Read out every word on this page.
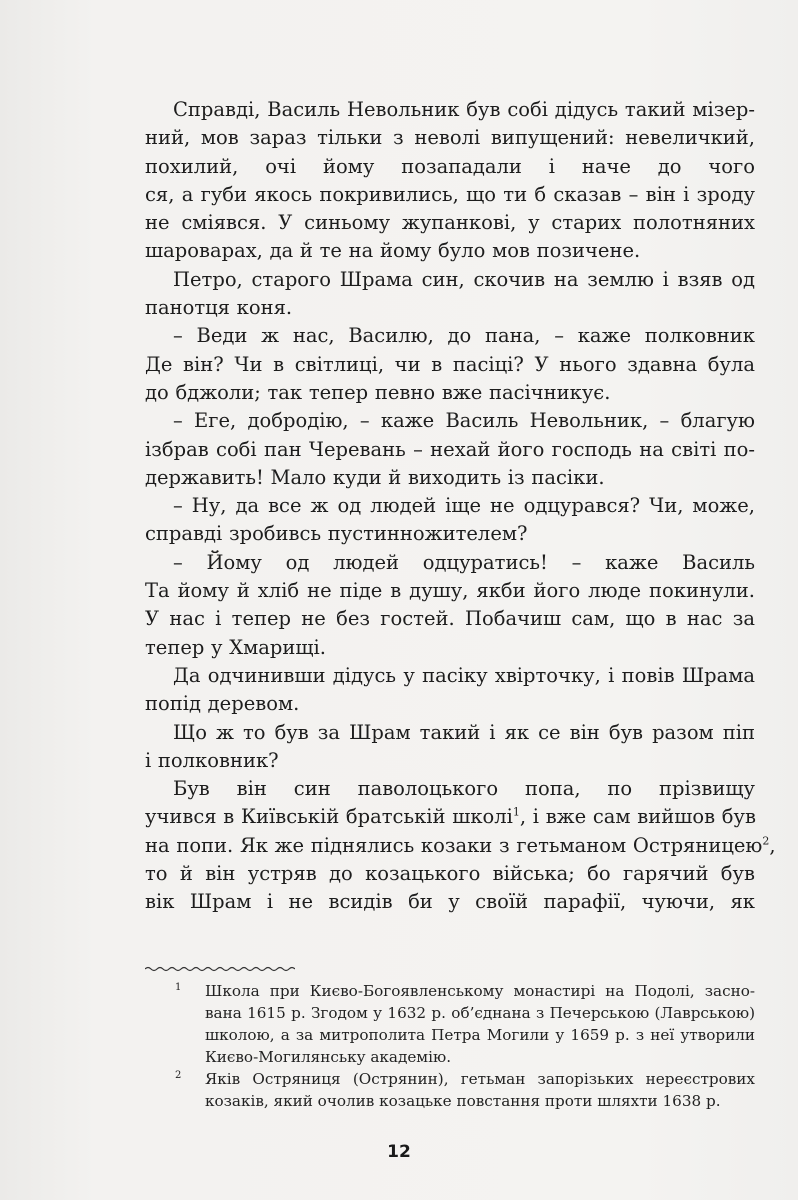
Справді, Василь Невольник був собі дідусь такий мізер-
ний, мов зараз тільки з неволі випущений: невеличкий,
похилий, очі йому позападали і наче до чого
ся, а губи якось покривились, що ти б сказав – він і зроду
не сміявся. У синьому жупанкові, у старих полотняних
шароварах, да й те на йому було мов позичене.
Петро, старого Шрама син, скочив на землю і взяв од
панотця коня.
– Веди ж нас, Василю, до пана, – каже полковник
Де він? Чи в світлиці, чи в пасіці? У нього здавна була
до бджоли; так тепер певно вже пасічникує.
– Еге, добродію, – каже Василь Невольник, – благую
ізбрав собі пан Черевань – нехай його господь на світі по-
державить! Мало куди й виходить із пасіки.
– Ну, да все ж од людей іще не одцурався? Чи, може,
справді зробивсь пустинножителем?
– Йому од людей одцуратись! – каже Василь
Та йому й хліб не піде в душу, якби його люде покинули.
У нас і тепер не без гостей. Побачиш сам, що в нас за
тепер у Хмарищі.
Да одчинивши дідусь у пасіку хвірточку, і повів Шрама
попід деревом.
Що ж то був за Шрам такий і як се він був разом піп
і полковник?
Був він син паволоцького попа, по прізвищу
учився в Київській братській школі$^1$, і вже сам вийшов був
на попи. Як же піднялись козаки з гетьманом Остряницею$^2$,
то й він устряв до козацького війська; бо гарячий був
вік Шрам і не всидів би у своїй парафії, чуючи, як
1 Школа при Києво-Богоявленському монастирі на Подолі, засно-
вана 1615 р. Згодом у 1632 р. об’єднана з Печерською (Лаврською)
школою, а за митрополита Петра Могили у 1659 р. з неї утворили
Києво-Могилянську академію.
2 Яків Остряниця (Острянин), гетьман запорізьких нереєстрових
козаків, який очолив козацьке повстання проти шляхти 1638 р.
12
